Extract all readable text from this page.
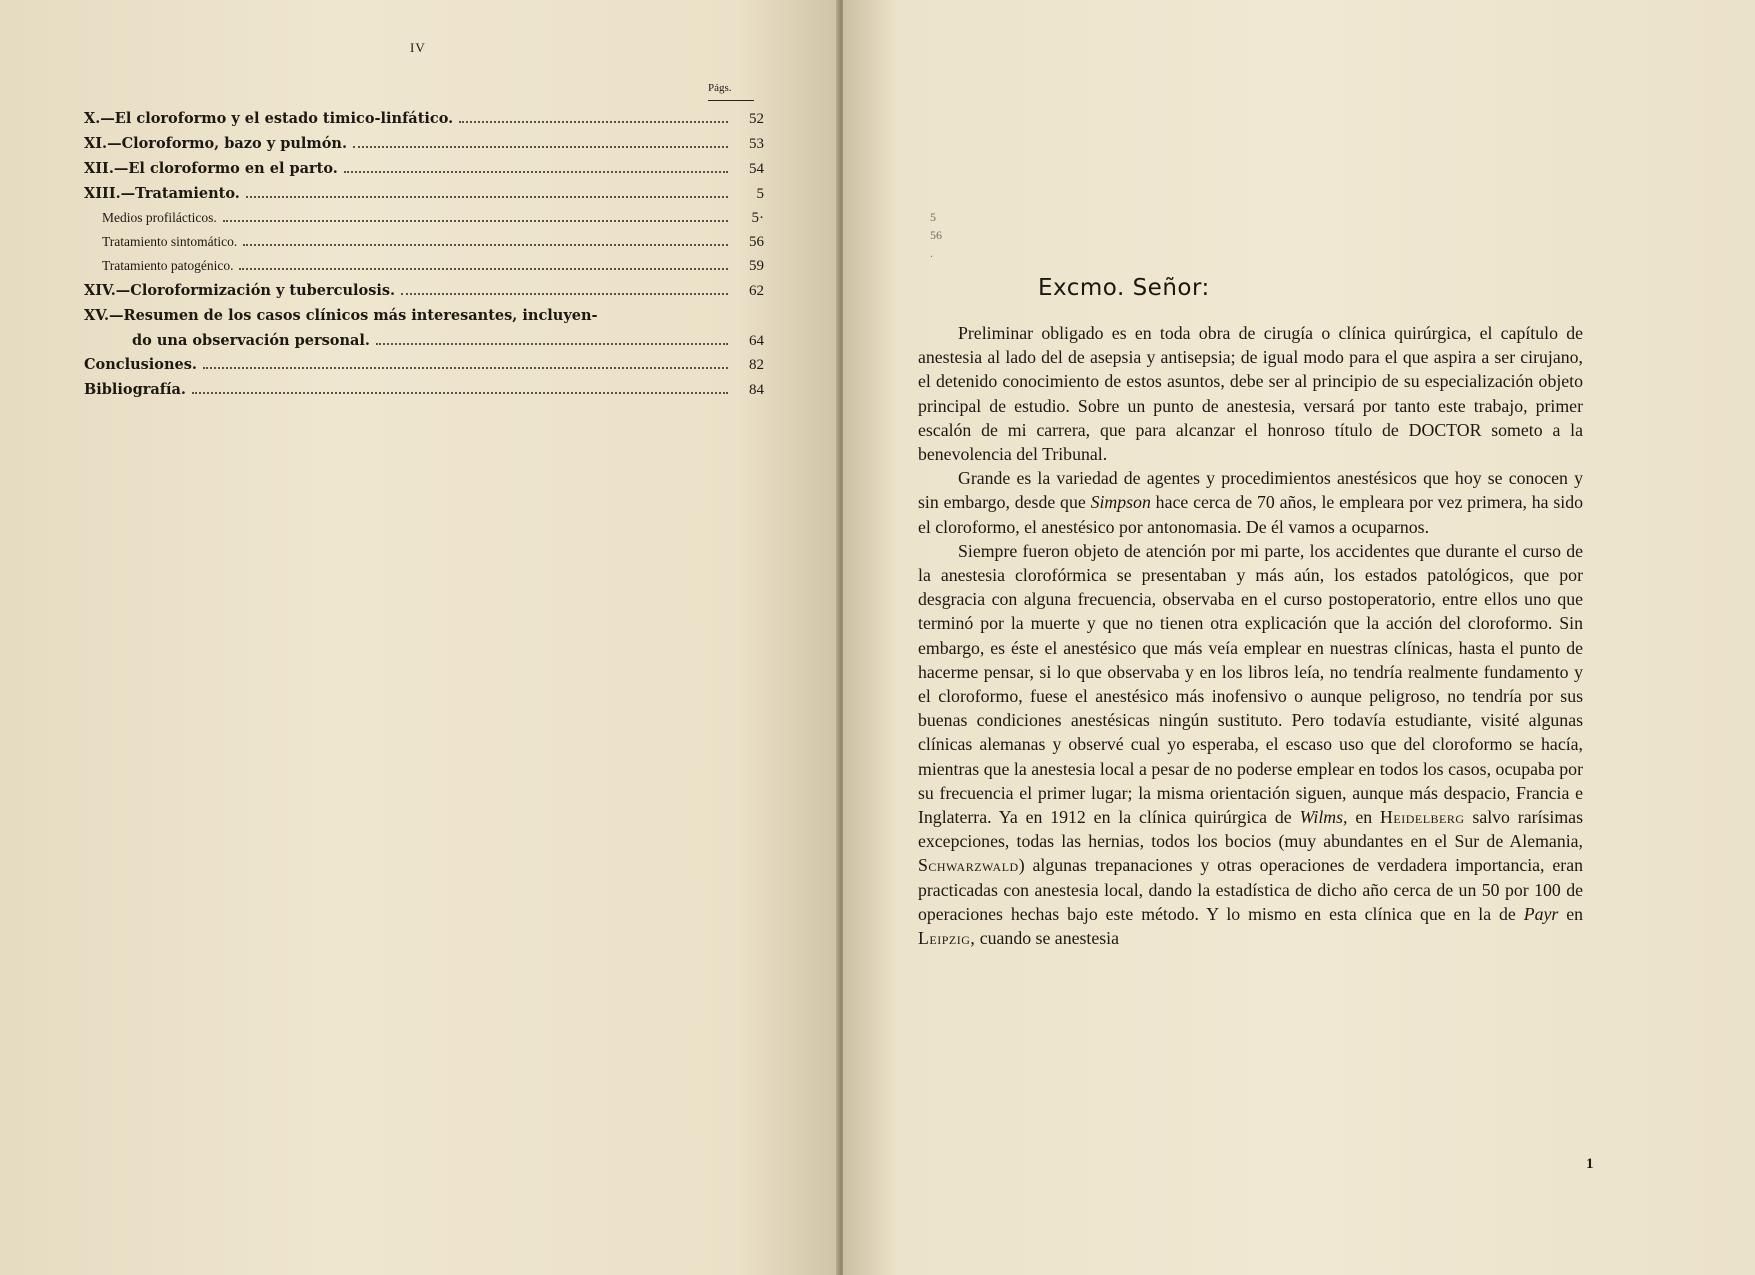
IV
Págs.
X.—El cloroformo y el estado timico-linfático.	52
XI.—Cloroformo, bazo y pulmón.	53
XII.—El cloroformo en el parto.	54
XIII.—Tratamiento.	5
Medios profilácticos.	5·
Tratamiento sintomático.	56
Tratamiento patogénico.	59
XIV.—Cloroformización y tuberculosis.	62
XV.—Resumen de los casos clínicos más interesantes, incluyen-
do una observación personal.	64
Conclusiones.	82
Bibliografía.	84
5
56
.
Excmo. Señor:

Preliminar obligado es en toda obra de cirugía o clínica quirúrgica, el capítulo de anestesia al lado del de asepsia y antisepsia; de igual modo para el que aspira a ser cirujano, el detenido conocimiento de estos asuntos, debe ser al principio de su especialización objeto principal de estudio. Sobre un punto de anestesia, versará por tanto este trabajo, primer escalón de mi carrera, que para alcanzar el honroso título de DOCTOR someto a la benevolencia del Tribunal.

Grande es la variedad de agentes y procedimientos anestésicos que hoy se conocen y sin embargo, desde que Simpson hace cerca de 70 años, le empleara por vez primera, ha sido el cloroformo, el anestésico por antonomasia. De él vamos a ocuparnos.

Siempre fueron objeto de atención por mi parte, los accidentes que durante el curso de la anestesia clorofórmica se presentaban y más aún, los estados patológicos, que por desgracia con alguna frecuencia, observaba en el curso postoperatorio, entre ellos uno que terminó por la muerte y que no tienen otra explicación que la acción del cloroformo. Sin embargo, es éste el anestésico que más veía emplear en nuestras clínicas, hasta el punto de hacerme pensar, si lo que observaba y en los libros leía, no tendría realmente fundamento y el cloroformo, fuese el anestésico más inofensivo o aunque peligroso, no tendría por sus buenas condiciones anestésicas ningún sustituto. Pero todavía estudiante, visité algunas clínicas alemanas y observé cual yo esperaba, el escaso uso que del cloroformo se hacía, mientras que la anestesia local a pesar de no poderse emplear en todos los casos, ocupaba por su frecuencia el primer lugar; la misma orientación siguen, aunque más despacio, Francia e Inglaterra. Ya en 1912 en la clínica quirúrgica de Wilms, en Heidelberg salvo rarísimas excepciones, todas las hernias, todos los bocios (muy abundantes en el Sur de Alemania, Schwarzwald) algunas trepanaciones y otras operaciones de verdadera importancia, eran practicadas con anestesia local, dando la estadística de dicho año cerca de un 50 por 100 de operaciones hechas bajo este método. Y lo mismo en esta clínica que en la de Payr en Leipzig, cuando se anestesia

1
